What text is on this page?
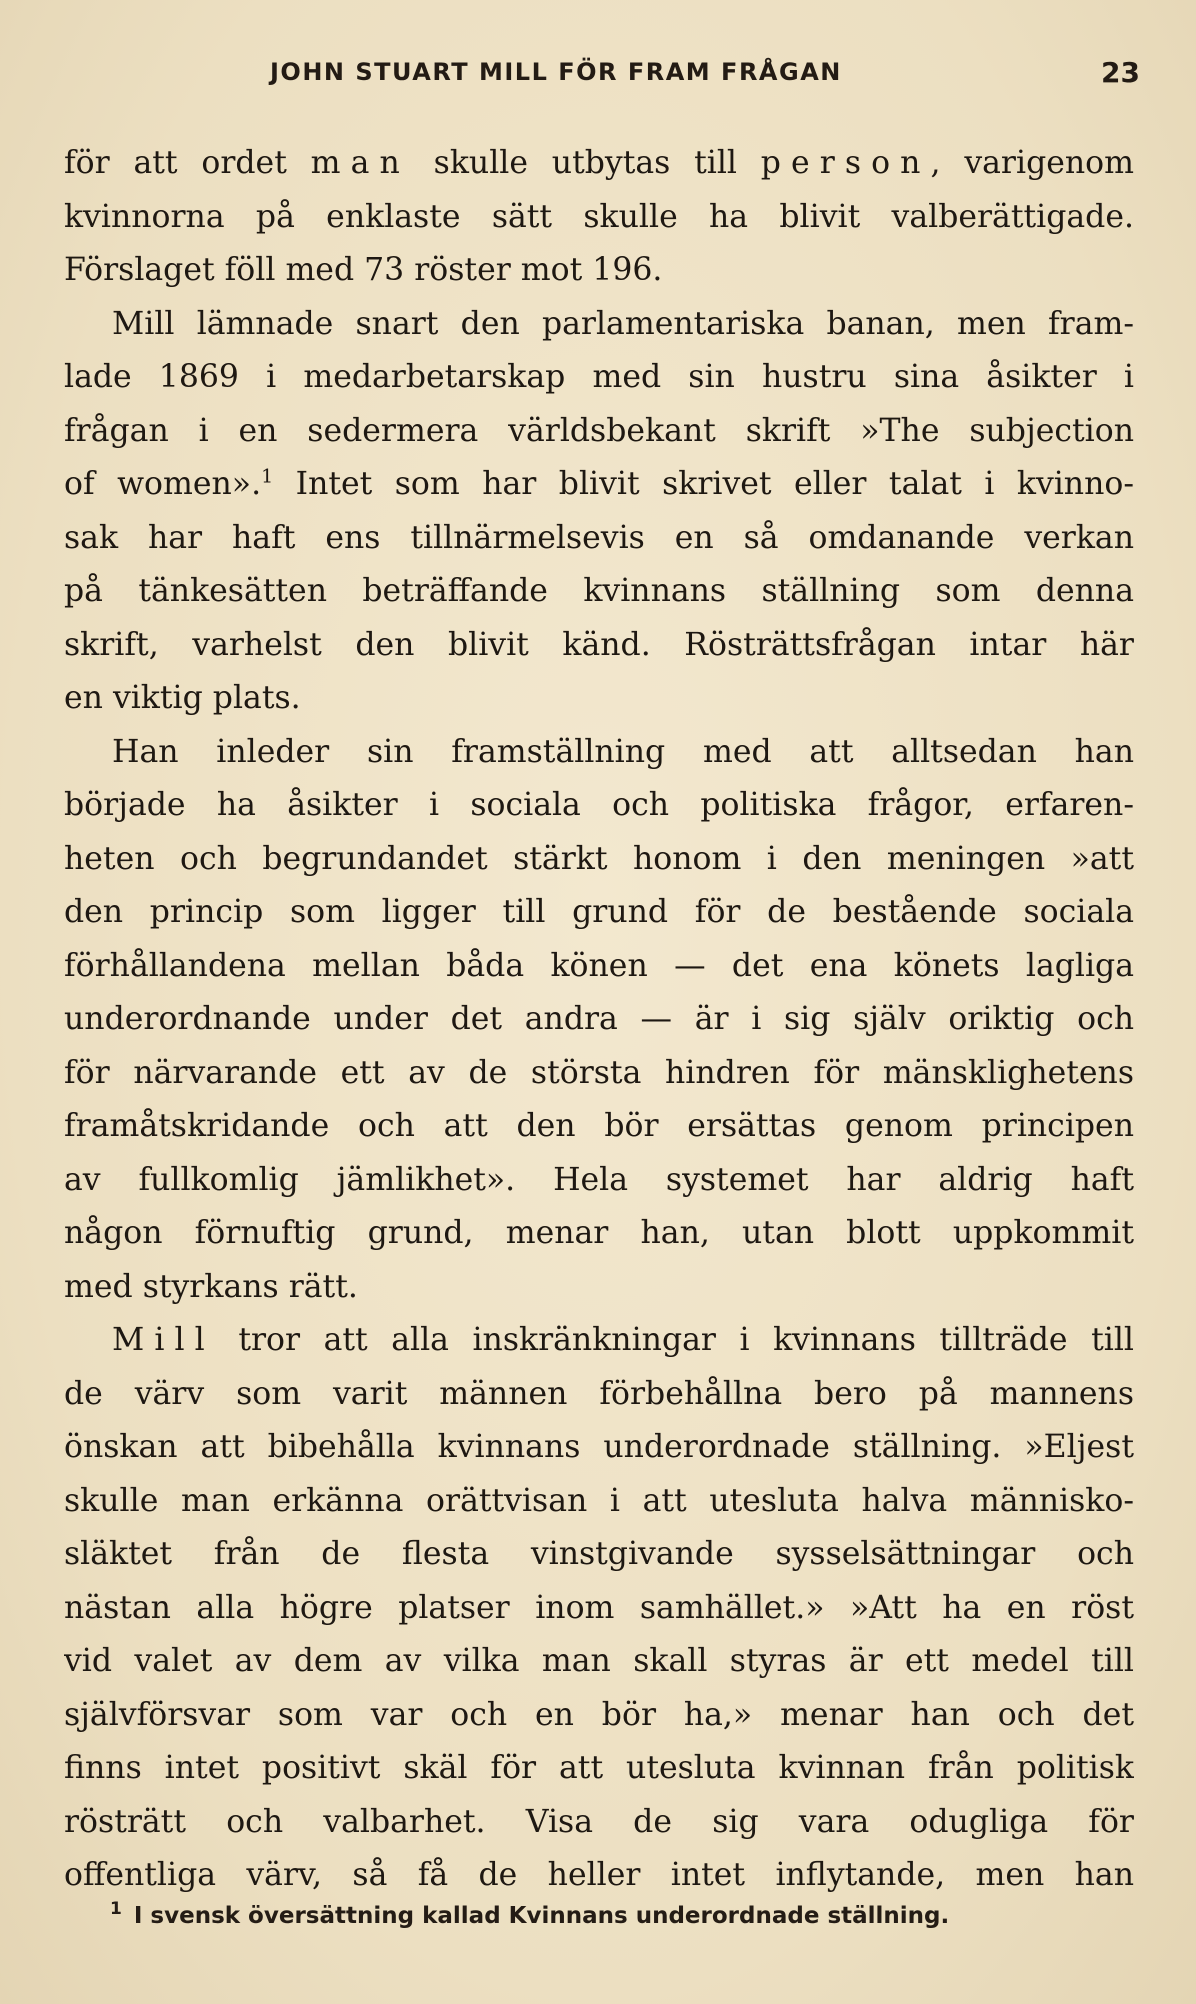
JOHN STUART MILL FÖR FRAM FRÅGAN	23
för att ordet man skulle utbytas till person, varigenom
kvinnorna på enklaste sätt skulle ha blivit valberättigade.
Förslaget föll med 73 röster mot 196.
Mill lämnade snart den parlamentariska banan, men fram-
lade 1869 i medarbetarskap med sin hustru sina åsikter i
frågan i en sedermera världsbekant skrift »The subjection
of women».$^1$ Intet som har blivit skrivet eller talat i kvinno-
sak har haft ens tillnärmelsevis en så omdanande verkan
på tänkesätten beträffande kvinnans ställning som denna
skrift, varhelst den blivit känd. Rösträttsfrågan intar här
en viktig plats.
Han inleder sin framställning med att alltsedan han
började ha åsikter i sociala och politiska frågor, erfaren-
heten och begrundandet stärkt honom i den meningen »att
den princip som ligger till grund för de bestående sociala
förhållandena mellan båda könen — det ena könets lagliga
underordnande under det andra — är i sig själv oriktig och
för närvarande ett av de största hindren för mänsklighetens
framåtskridande och att den bör ersättas genom principen
av fullkomlig jämlikhet». Hela systemet har aldrig haft
någon förnuftig grund, menar han, utan blott uppkommit
med styrkans rätt.
Mill tror att alla inskränkningar i kvinnans tillträde till
de värv som varit männen förbehållna bero på mannens
önskan att bibehålla kvinnans underordnade ställning. »Eljest
skulle man erkänna orättvisan i att utesluta halva människo-
släktet från de flesta vinstgivande sysselsättningar och
nästan alla högre platser inom samhället.» »Att ha en röst
vid valet av dem av vilka man skall styras är ett medel till
självförsvar som var och en bör ha,» menar han och det
finns intet positivt skäl för att utesluta kvinnan från politisk
rösträtt och valbarhet. Visa de sig vara odugliga för
offentliga värv, så få de heller intet inflytande, men han
$^1$ I svensk översättning kallad Kvinnans underordnade ställning.
